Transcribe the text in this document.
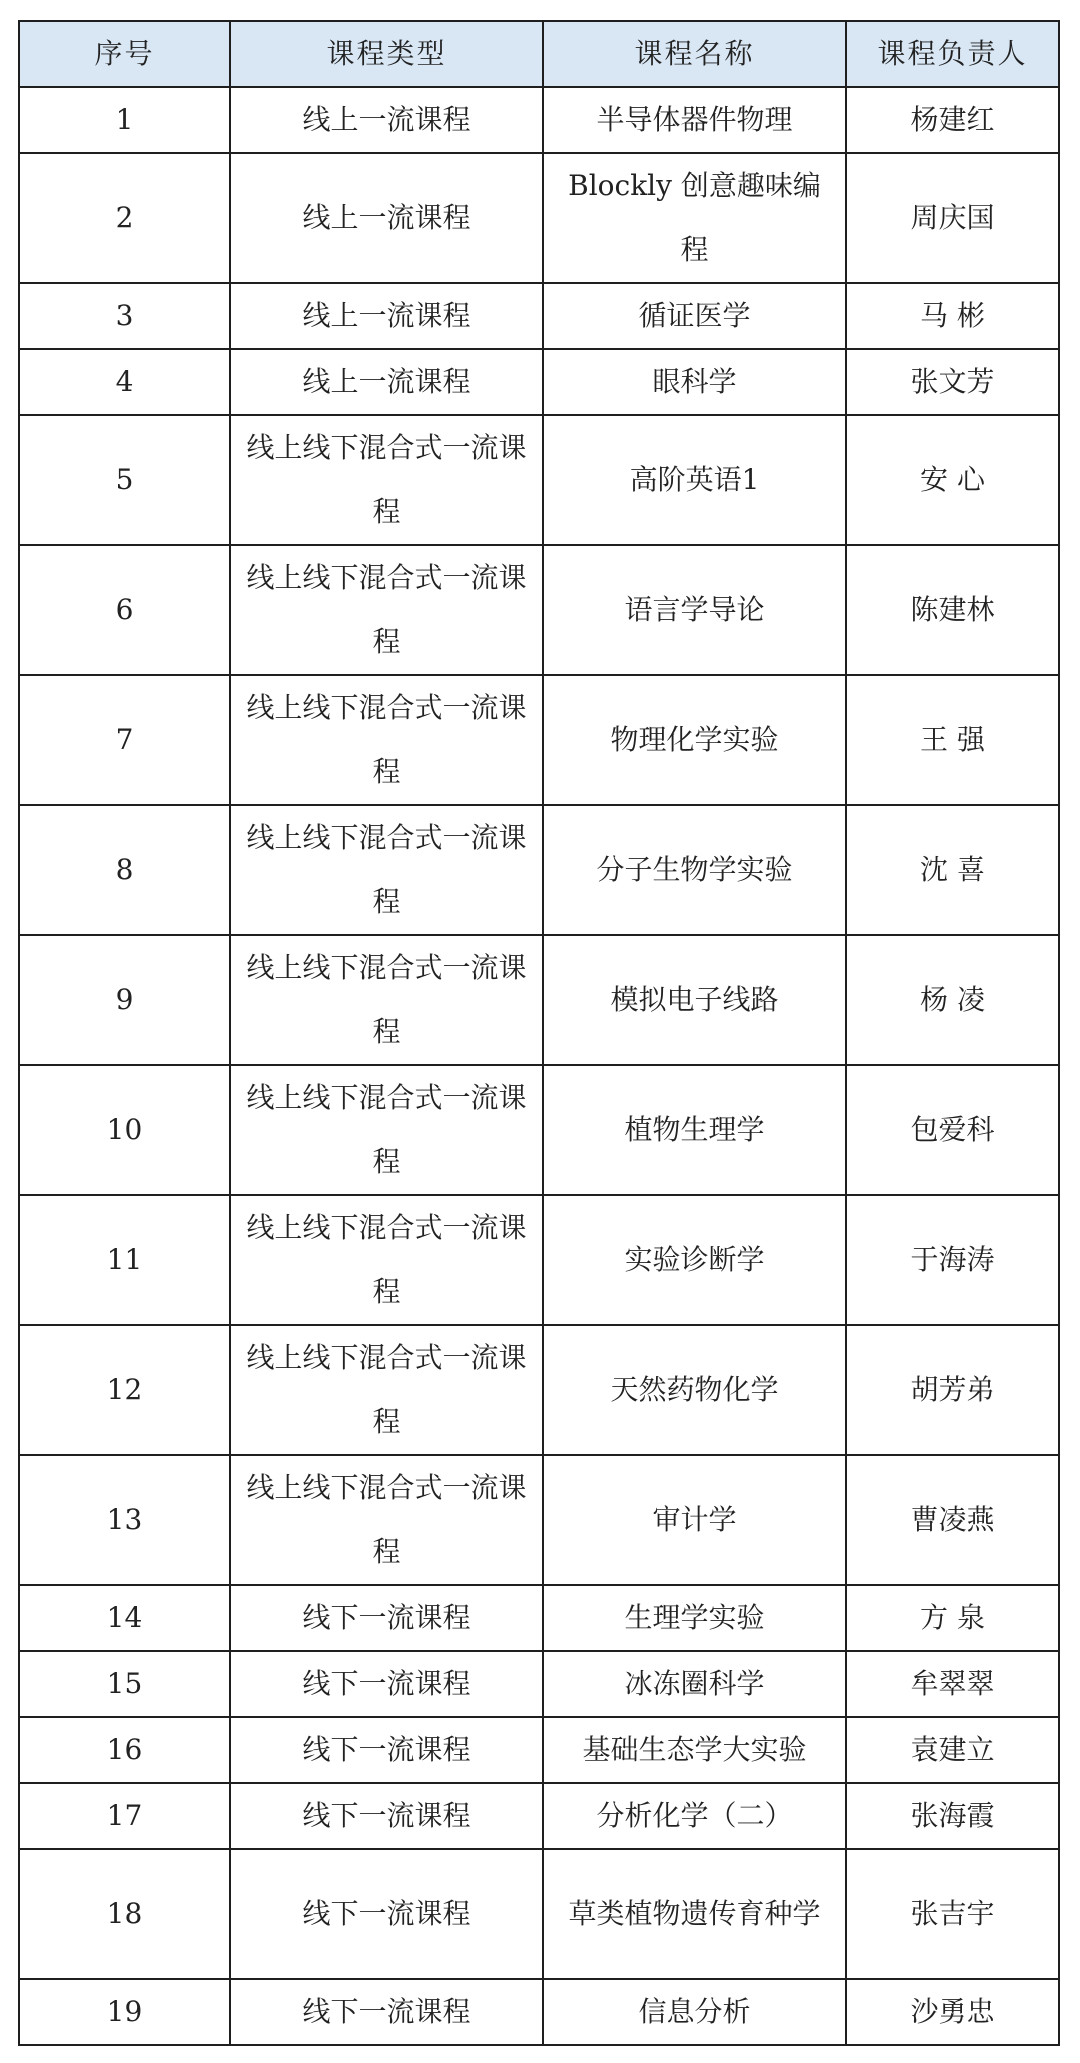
序号	课程类型	课程名称	课程负责人
1	线上一流课程	半导体器件物理	杨建红
2	线上一流课程	Blockly 创意趣味编程	周庆国
3	线上一流课程	循证医学	马 彬
4	线上一流课程	眼科学	张文芳
5	线上线下混合式一流课程	高阶英语1	安 心
6	线上线下混合式一流课程	语言学导论	陈建林
7	线上线下混合式一流课程	物理化学实验	王 强
8	线上线下混合式一流课程	分子生物学实验	沈 喜
9	线上线下混合式一流课程	模拟电子线路	杨 凌
10	线上线下混合式一流课程	植物生理学	包爱科
11	线上线下混合式一流课程	实验诊断学	于海涛
12	线上线下混合式一流课程	天然药物化学	胡芳弟
13	线上线下混合式一流课程	审计学	曹凌燕
14	线下一流课程	生理学实验	方 泉
15	线下一流课程	冰冻圈科学	牟翠翠
16	线下一流课程	基础生态学大实验	袁建立
17	线下一流课程	分析化学（二）	张海霞
18	线下一流课程	草类植物遗传育种学	张吉宇
19	线下一流课程	信息分析	沙勇忠
